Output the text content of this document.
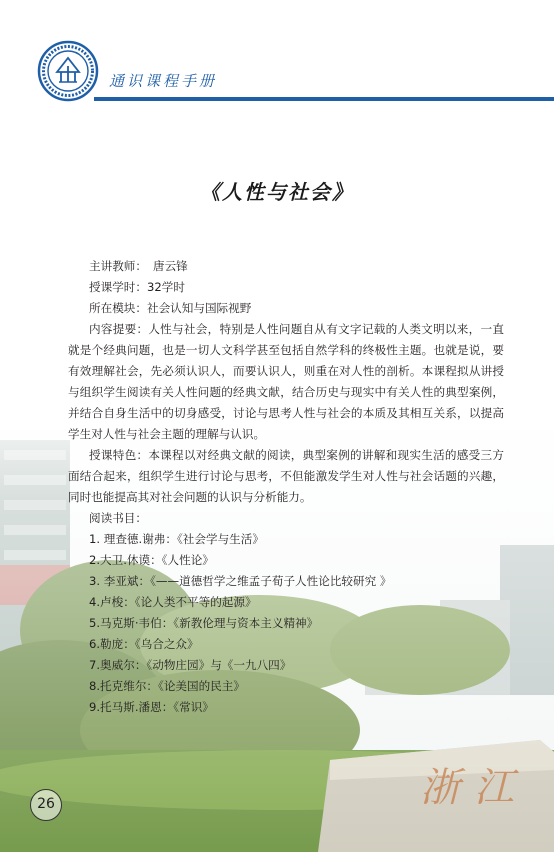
通识课程手册
《人性与社会》
主讲教师： 唐云锋
授课学时：32学时
所在模块：社会认知与国际视野
内容提要：人性与社会，特别是人性问题自从有文字记载的人类文明以来，一直就是个经典问题，也是一切人文科学甚至包括自然学科的终极性主题。也就是说，要有效理解社会，先必须认识人，而要认识人，则重在对人性的剖析。本课程拟从讲授与组织学生阅读有关人性问题的经典文献，结合历史与现实中有关人性的典型案例，并结合自身生活中的切身感受，讨论与思考人性与社会的本质及其相互关系，以提高学生对人性与社会主题的理解与认识。
授课特色：本课程以对经典文献的阅读，典型案例的讲解和现实生活的感受三方面结合起来，组织学生进行讨论与思考，不但能激发学生对人性与社会话题的兴趣，同时也能提高其对社会问题的认识与分析能力。
阅读书目：
1. 理查德.谢弗：《社会学与生活》
2.大卫.休谟：《人性论》
3. 李亚斌：《——道德哲学之维孟子荀子人性论比较研究 》
4.卢梭：《论人类不平等的起源》
5.马克斯·韦伯：《新教伦理与资本主义精神》
6.勒庞：《乌合之众》
7.奥威尔：《动物庄园》与《一九八四》
8.托克维尔：《论美国的民主》
9.托马斯.潘恩：《常识》
26	浙江
